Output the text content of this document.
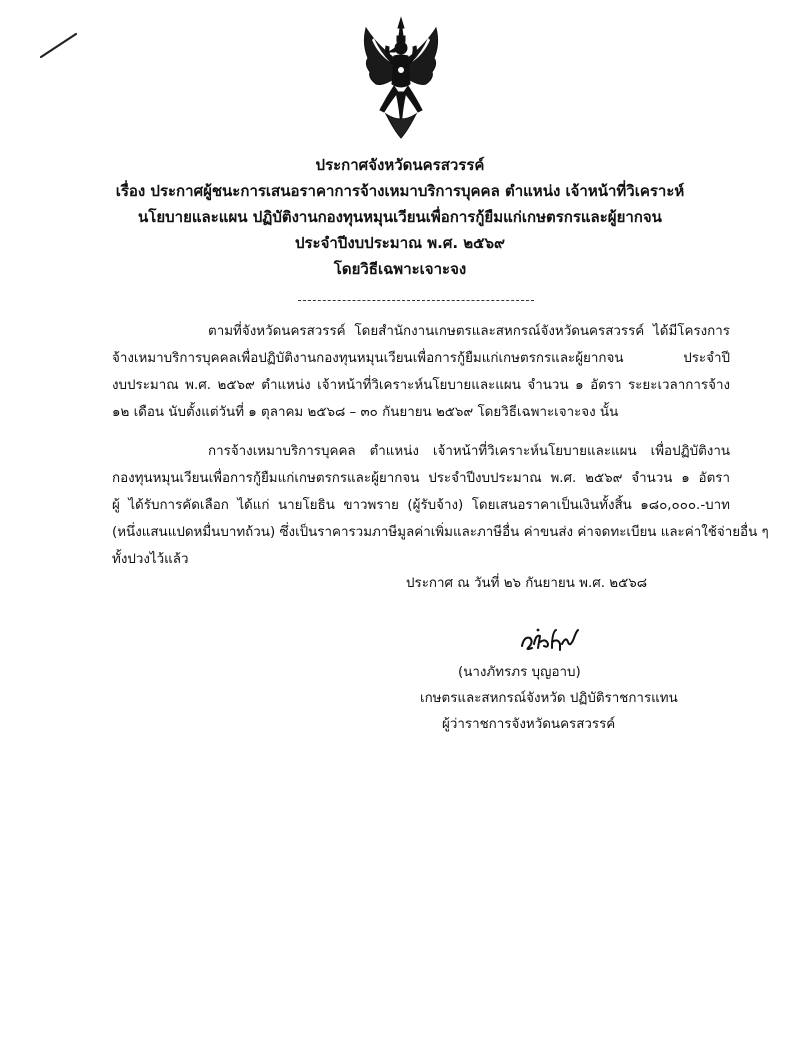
ประกาศจังหวัดนครสวรรค์
เรื่อง ประกาศผู้ชนะการเสนอราคาการจ้างเหมาบริการบุคคล ตำแหน่ง เจ้าหน้าที่วิเคราะห์
นโยบายและแผน ปฏิบัติงานกองทุนหมุนเวียนเพื่อการกู้ยืมแก่เกษตรกรและผู้ยากจน
ประจำปีงบประมาณ พ.ศ. ๒๕๖๙
โดยวิธีเฉพาะเจาะจง
ตามที่จังหวัดนครสวรรค์ โดยสำนักงานเกษตรและสหกรณ์จังหวัดนครสวรรค์ ได้มีโครงการ
จ้างเหมาบริการบุคคลเพื่อปฏิบัติงานกองทุนหมุนเวียนเพื่อการกู้ยืมแก่เกษตรกรและผู้ยากจน ประจำปี
งบประมาณ พ.ศ. ๒๕๖๙ ตำแหน่ง เจ้าหน้าที่วิเคราะห์นโยบายและแผน จำนวน ๑ อัตรา ระยะเวลาการจ้าง
๑๒ เดือน นับตั้งแต่วันที่ ๑ ตุลาคม ๒๕๖๘ – ๓๐ กันยายน ๒๕๖๙ โดยวิธีเฉพาะเจาะจง นั้น
การจ้างเหมาบริการบุคคล ตำแหน่ง เจ้าหน้าที่วิเคราะห์นโยบายและแผน เพื่อปฏิบัติงาน
กองทุนหมุนเวียนเพื่อการกู้ยืมแก่เกษตรกรและผู้ยากจน ประจำปีงบประมาณ พ.ศ. ๒๕๖๙ จำนวน ๑ อัตรา
ผู้ ได้รับการคัดเลือก ได้แก่ นายโยธิน ขาวพราย (ผู้รับจ้าง) โดยเสนอราคาเป็นเงินทั้งสิ้น ๑๘๐,๐๐๐.-บาท
(หนึ่งแสนแปดหมื่นบาทถ้วน) ซึ่งเป็นราคารวมภาษีมูลค่าเพิ่มและภาษีอื่น ค่าขนส่ง ค่าจดทะเบียน และค่าใช้จ่ายอื่น ๆ
ทั้งปวงไว้แล้ว
ประกาศ ณ วันที่ ๒๖ กันยายน พ.ศ. ๒๕๖๘
(นางภัทรภร บุญอาบ)
เกษตรและสหกรณ์จังหวัด ปฏิบัติราชการแทน
ผู้ว่าราชการจังหวัดนครสวรรค์
